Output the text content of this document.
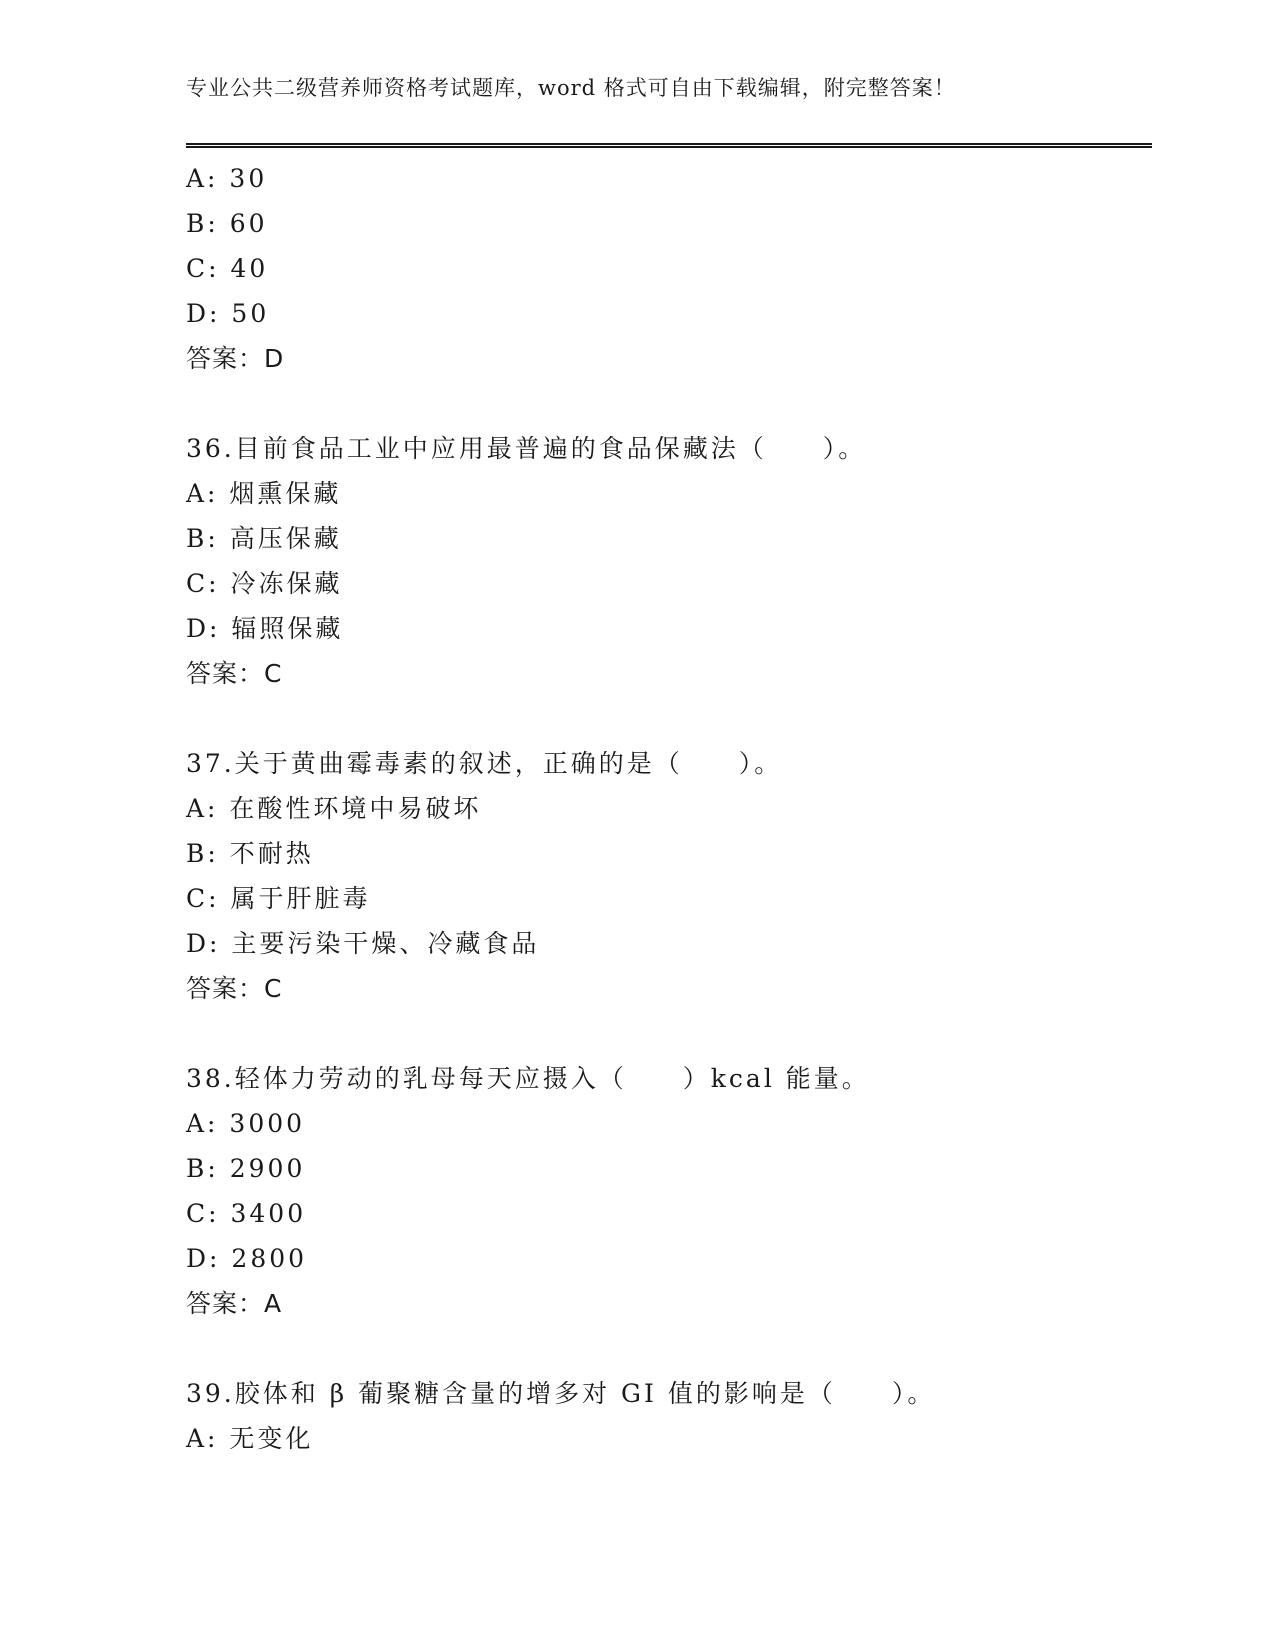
专业公共二级营养师资格考试题库，word 格式可自由下载编辑，附完整答案！
A: 30
B: 60
C: 40
D: 50
答案：D
36.目前食品工业中应用最普遍的食品保藏法（　　）。
A: 烟熏保藏
B: 高压保藏
C: 冷冻保藏
D: 辐照保藏
答案：C
37.关于黄曲霉毒素的叙述，正确的是（　　）。
A: 在酸性环境中易破坏
B: 不耐热
C: 属于肝脏毒
D: 主要污染干燥、冷藏食品
答案：C
38.轻体力劳动的乳母每天应摄入（　　）kcal 能量。
A: 3000
B: 2900
C: 3400
D: 2800
答案：A
39.胶体和 β 葡聚糖含量的增多对 GI 值的影响是（　　）。
A: 无变化
